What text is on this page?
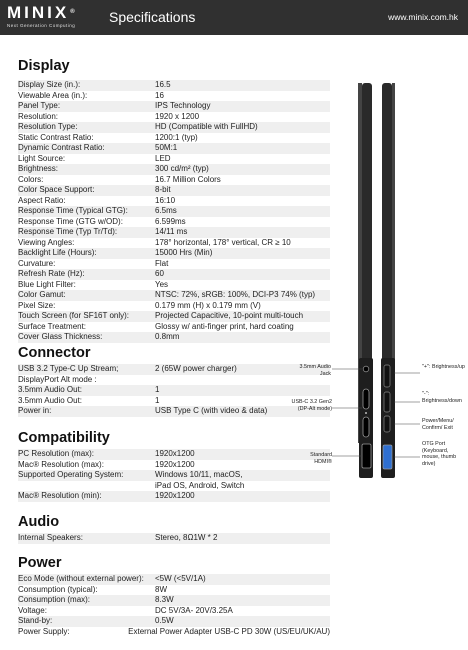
MINIX®
Next Generation Computing
Specifications	www.minix.com.hk
Display
Display Size (in.):	16.5
Viewable Area (in.):	16
Panel Type:	IPS Technology
Resolution:	1920 x 1200
Resolution Type:	HD (Compatible with FullHD)
Static Contrast Ratio:	1200:1 (typ)
Dynamic Contrast Ratio:	50M:1
Light Source:	LED
Brightness:	300 cd/m² (typ)
Colors:	16.7 Million Colors
Color Space Support:	8-bit
Aspect Ratio:	16:10
Response Time (Typical GTG):	6.5ms
Response Time (GTG w/OD):	6.599ms
Response Time (Typ Tr/Td):	14/11 ms
Viewing Angles:	178° horizontal, 178° vertical, CR ≥ 10
Backlight Life (Hours):	15000 Hrs (Min)
Curvature:	Flat
Refresh Rate (Hz):	60
Blue Light Filter:	Yes
Color Gamut:	NTSC: 72%, sRGB: 100%, DCI-P3 74% (typ)
Pixel Size:	0.179 mm (H) x 0.179 mm (V)
Touch Screen (for SF16T only):	Projected Capacitive, 10-point multi-touch
Surface Treatment:	Glossy w/ anti-finger print, hard coating
Cover Glass Thickness:	0.8mm
Connector
USB 3.2 Type-C Up Stream;	2 (65W power charger)
DisplayPort Alt mode :
3.5mm Audio Out:	1
3.5mm Audio Out:	1
Power in:	USB Type C (with video & data)
Compatibility
PC Resolution (max):	1920x1200
Mac® Resolution (max):	1920x1200
Supported Operating System:	Windows 10/11, macOS,
iPad OS, Android, Switch
Mac® Resolution (min):	1920x1200
Audio
Internal Speakers:	Stereo, 8Ω1W * 2
Power
Eco Mode (without external power):	<5W (<5V/1A)
Consumption (typical):	8W
Consumption (max):	8.3W
Voltage:	DC 5V/3A- 20V/3.25A
Stand-by:	0.5W
Power Supply:	External Power Adapter USB-C PD 30W (US/EU/UK/AU)
3.5mm Audio Jack
USB-C 3.2 Gen2 (DP-Alt mode)
Standard HDMI®
"+": Brightness/up
"-": Brightness/down
Power/Menu/ Confirm/ Exit
OTG Port (Keyboard, mouse, thumb drive)
